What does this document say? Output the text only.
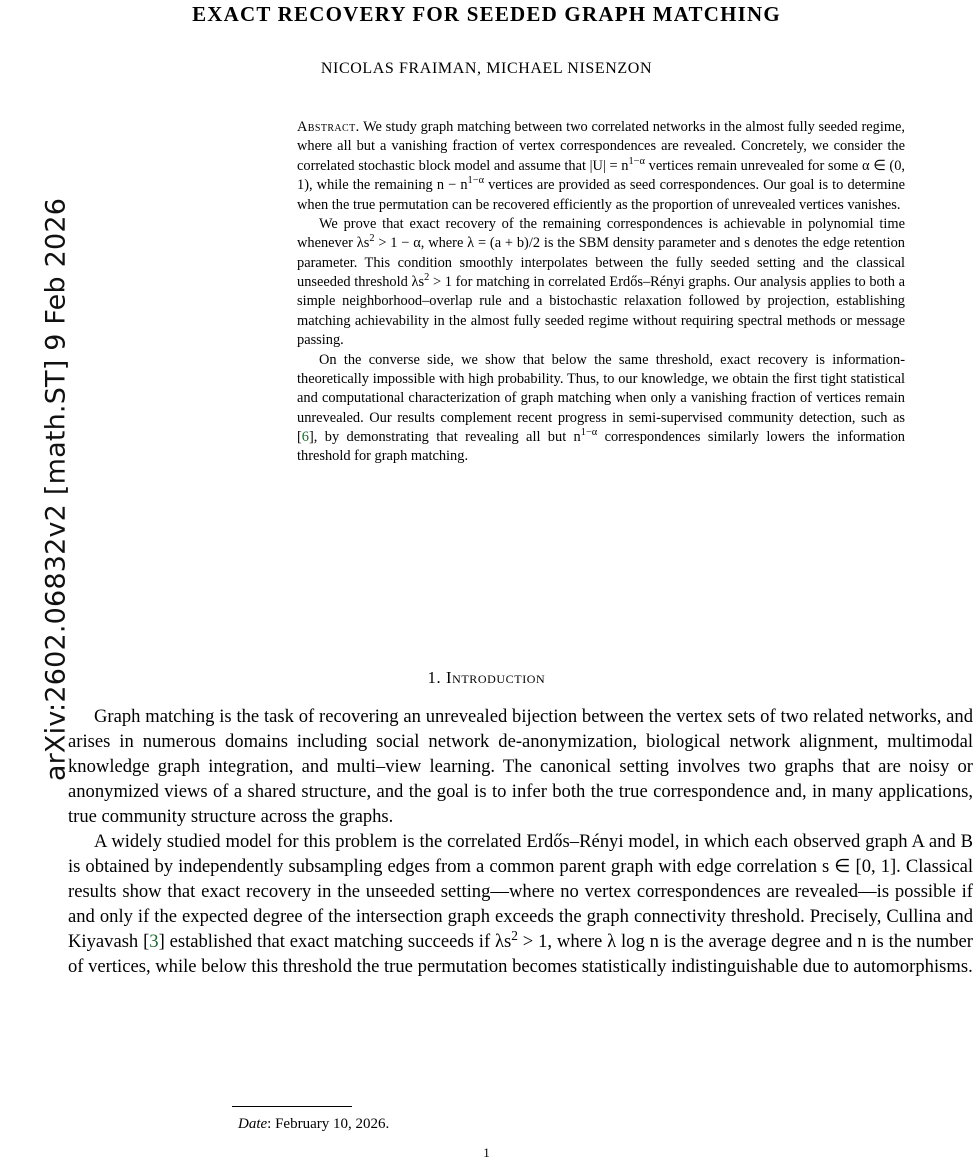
arXiv:2602.06832v2 [math.ST] 9 Feb 2026
EXACT RECOVERY FOR SEEDED GRAPH MATCHING
NICOLAS FRAIMAN, MICHAEL NISENZON

Abstract. We study graph matching between two correlated networks in the almost fully seeded regime, where all but a vanishing fraction of vertex correspondences are revealed. Concretely, we consider the correlated stochastic block model and assume that $|U| = n^{1-\alpha}$ vertices remain unrevealed for some α ∈ (0, 1), while the remaining $n - n^{1-\alpha}$ vertices are provided as seed correspondences. Our goal is to determine when the true permutation can be recovered efficiently as the proportion of unrevealed vertices vanishes.

We prove that exact recovery of the remaining correspondences is achievable in polynomial time whenever $\lambda s^2 > 1 - \alpha$, where λ = (a + b)/2 is the SBM density parameter and s denotes the edge retention parameter. This condition smoothly interpolates between the fully seeded setting and the classical unseeded threshold $\lambda s^2 > 1$ for matching in correlated Erdős–Rényi graphs. Our analysis applies to both a simple neighborhood–overlap rule and a bistochastic relaxation followed by projection, establishing matching achievability in the almost fully seeded regime without requiring spectral methods or message passing.

On the converse side, we show that below the same threshold, exact recovery is information-theoretically impossible with high probability. Thus, to our knowledge, we obtain the first tight statistical and computational characterization of graph matching when only a vanishing fraction of vertices remain unrevealed. Our results complement recent progress in semi-supervised community detection, such as [6], by demonstrating that revealing all but $n^{1-\alpha}$ correspondences similarly lowers the information threshold for graph matching.

1. Introduction

Graph matching is the task of recovering an unrevealed bijection between the vertex sets of two related networks, and arises in numerous domains including social network de-anonymization, biological network alignment, multimodal knowledge graph integration, and multi–view learning. The canonical setting involves two graphs that are noisy or anonymized views of a shared structure, and the goal is to infer both the true correspondence and, in many applications, true community structure across the graphs.

A widely studied model for this problem is the correlated Erdős–Rényi model, in which each observed graph A and B is obtained by independently subsampling edges from a common parent graph with edge correlation s ∈ [0, 1]. Classical results show that exact recovery in the unseeded setting—where no vertex correspondences are revealed—is possible if and only if the expected degree of the intersection graph exceeds the graph connectivity threshold. Precisely, Cullina and Kiyavash [3] established that exact matching succeeds if $\lambda s^2 > 1$, where λ log n is the average degree and n is the number of vertices, while below this threshold the true permutation becomes statistically indistinguishable due to automorphisms.

Date: February 10, 2026.
1
